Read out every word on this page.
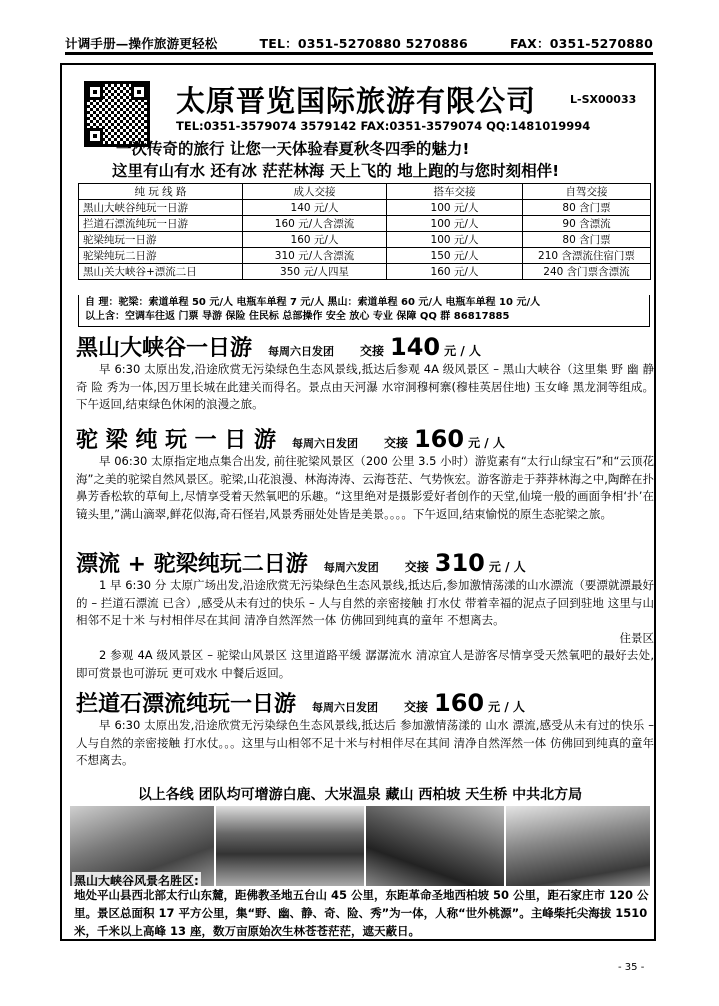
计调手册—操作旅游更轻松	TEL：0351-5270880 5270886	FAX：0351-5270880
太原晋览国际旅游有限公司	L-SX00033
TEL:0351-3579074 3579142 FAX:0351-3579074 QQ:1481019994
一次传奇的旅行 让您一天体验春夏秋冬四季的魅力!
这里有山有水 还有冰 茫茫林海 天上飞的 地上跑的与您时刻相伴!
纯 玩 线 路	成人交接	搭车交接	自驾交接
黑山大峡谷纯玩一日游	140 元/人	100 元/人	80 含门票
拦道石漂流纯玩一日游	160 元/人含漂流	100 元/人	90 含漂流
驼梁纯玩一日游	160 元/人	100 元/人	80 含门票
驼梁纯玩二日游	310 元/人含漂流	150 元/人	210 含漂流住宿门票
黑山关大峡谷+漂流二日	350 元/人四星	160 元/人	240 含门票含漂流
自 理：驼梁：索道单程 50 元/人 电瓶车单程 7 元/人 黑山：索道单程 60 元/人 电瓶车单程 10 元/人
以上含：空调车往返 门票 导游 保险 住民标 总部操作 安全 放心 专业 保障 QQ 群 86817885
黑山大峡谷一日游 每周六日发团 交接 140 元 / 人
早 6:30 太原出发,沿途欣赏无污染绿色生态风景线,抵达后参观 4A 级风景区 – 黑山大峡谷（这里集 野 幽 静 奇 险 秀为一体,因万里长城在此建关而得名。景点由天河瀑 水帘洞穆柯寨(穆桂英居住地) 玉女峰 黑龙洞等组成。 下午返回,结束绿色休闲的浪漫之旅。
驼 梁 纯 玩 一 日 游 每周六日发团 交接 160 元 / 人
早 06:30 太原指定地点集合出发, 前往驼梁风景区（200 公里 3.5 小时）游览素有“太行山绿宝石”和“云顶花海”之美的驼梁自然风景区。驼梁,山花浪漫、林海涛涛、云海苍茫、气势恢宏。游客游走于莽莽林海之中,陶醉在扑鼻芳香松软的草甸上,尽情享受着天然氧吧的乐趣。“这里绝对是摄影爱好者创作的天堂,仙境一般的画面争相‘扑’在镜头里,”满山滴翠,鲜花似海,奇石怪岩,风景秀丽处处皆是美景。。。。下午返回,结束愉悦的原生态驼梁之旅。
漂流 + 驼梁纯玩二日游 每周六发团 交接 310 元 / 人
1 早 6:30 分 太原广场出发,沿途欣赏无污染绿色生态风景线,抵达后,参加激情荡漾的山水漂流（要漂就漂最好的 – 拦道石漂流 已含）,感受从未有过的快乐 – 人与自然的亲密接触 打水仗 带着幸福的泥点子回到驻地 这里与山相邻不足十米 与村相伴尽在其间 清净自然浑然一体 仿佛回到纯真的童年 不想离去。
住景区
2 参观 4A 级风景区 – 驼梁山风景区 这里道路平缓 潺潺流水 清凉宜人是游客尽情享受天然氧吧的最好去处,即可赏景也可游玩 更可戏水 中餐后返回。
拦道石漂流纯玩一日游 每周六日发团 交接 160 元 / 人
早 6:30 太原出发,沿途欣赏无污染绿色生态风景线,抵达后 参加激情荡漾的 山水 漂流,感受从未有过的快乐 – 人与自然的亲密接触 打水仗。。。这里与山相邻不足十米与村相伴尽在其间 清净自然浑然一体 仿佛回到纯真的童年 不想离去。
以上各线 团队均可增游白鹿、大汖温泉 藏山 西柏坡 天生桥 中共北方局
黑山大峡谷风景名胜区:
地处平山县西北部太行山东麓，距佛教圣地五台山 45 公里，东距革命圣地西柏坡 50 公里，距石家庄市 120 公里。景区总面积 17 平方公里，集“野、幽、静、奇、险、秀”为一体，人称“世外桃源”。主峰柴托尖海拔 1510 米，千米以上高峰 13 座，数万亩原始次生林苍苍茫茫，遮天蔽日。
- 35 -
